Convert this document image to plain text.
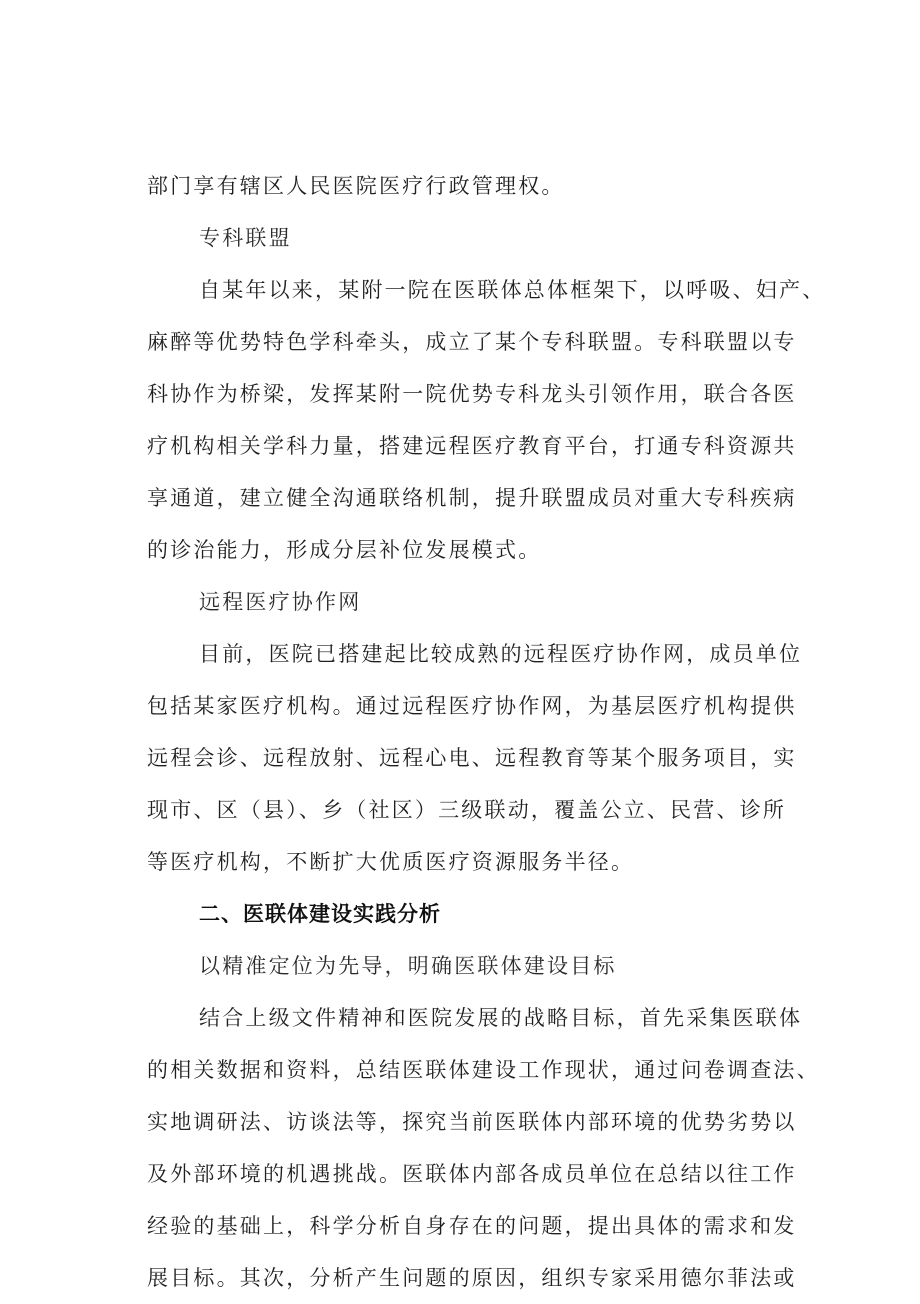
部门享有辖区人民医院医疗行政管理权。
专科联盟
自某年以来，某附一院在医联体总体框架下，以呼吸、妇产、
麻醉等优势特色学科牵头，成立了某个专科联盟。专科联盟以专
科协作为桥梁，发挥某附一院优势专科龙头引领作用，联合各医
疗机构相关学科力量，搭建远程医疗教育平台，打通专科资源共
享通道，建立健全沟通联络机制，提升联盟成员对重大专科疾病
的诊治能力，形成分层补位发展模式。
远程医疗协作网
目前，医院已搭建起比较成熟的远程医疗协作网，成员单位
包括某家医疗机构。通过远程医疗协作网，为基层医疗机构提供
远程会诊、远程放射、远程心电、远程教育等某个服务项目，实
现市、区（县）、乡（社区）三级联动，覆盖公立、民营、诊所
等医疗机构，不断扩大优质医疗资源服务半径。
二、医联体建设实践分析
以精准定位为先导，明确医联体建设目标
结合上级文件精神和医院发展的战略目标，首先采集医联体
的相关数据和资料，总结医联体建设工作现状，通过问卷调查法、
实地调研法、访谈法等，探究当前医联体内部环境的优势劣势以
及外部环境的机遇挑战。医联体内部各成员单位在总结以往工作
经验的基础上，科学分析自身存在的问题，提出具体的需求和发
展目标。其次，分析产生问题的原因，组织专家采用德尔菲法或
